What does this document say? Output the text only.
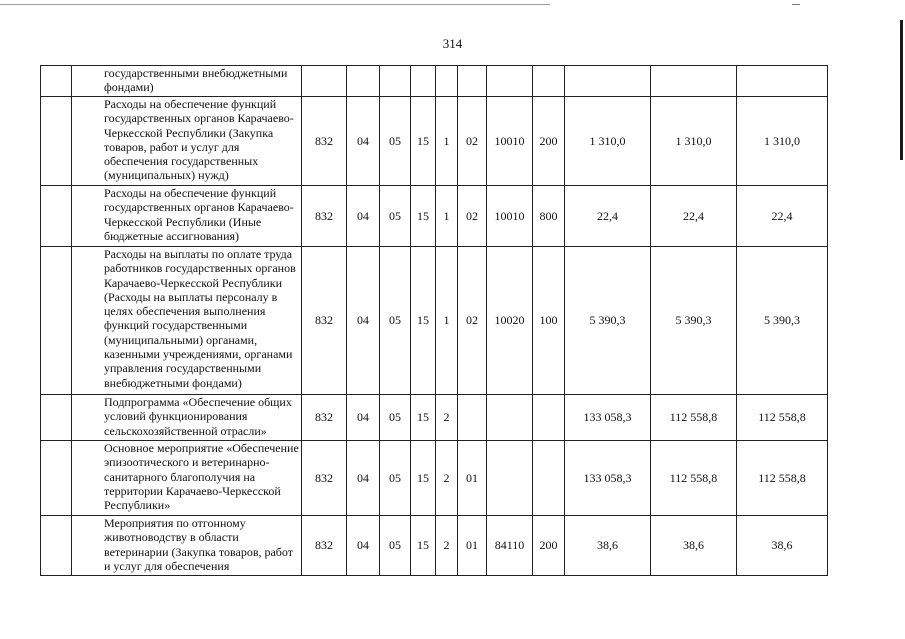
314
	государственными внебюджетными фондами)											
	Расходы на обеспечение функций государственных органов Карачаево-Черкесской Республики (Закупка товаров, работ и услуг для обеспечения государственных (муниципальных) нужд)	832	04	05	15	1	02	10010	200	1 310,0	1 310,0	1 310,0
	Расходы на обеспечение функций государственных органов Карачаево-Черкесской Республики (Иные бюджетные ассигнования)	832	04	05	15	1	02	10010	800	22,4	22,4	22,4
	Расходы на выплаты по оплате труда работников государственных органов Карачаево-Черкесской Республики (Расходы на выплаты персоналу в целях обеспечения выполнения функций государственными (муниципальными) органами, казенными учреждениями, органами управления государственными внебюджетными фондами)	832	04	05	15	1	02	10020	100	5 390,3	5 390,3	5 390,3
	Подпрограмма «Обеспечение общих условий функционирования сельскохозяйственной отрасли»	832	04	05	15	2				133 058,3	112 558,8	112 558,8
	Основное мероприятие «Обеспечение эпизоотического и ветеринарно-санитарного благополучия на территории Карачаево-Черкесской Республики»	832	04	05	15	2	01			133 058,3	112 558,8	112 558,8
	Мероприятия по отгонному животноводству в области ветеринарии (Закупка товаров, работ и услуг для обеспечения	832	04	05	15	2	01	84110	200	38,6	38,6	38,6
